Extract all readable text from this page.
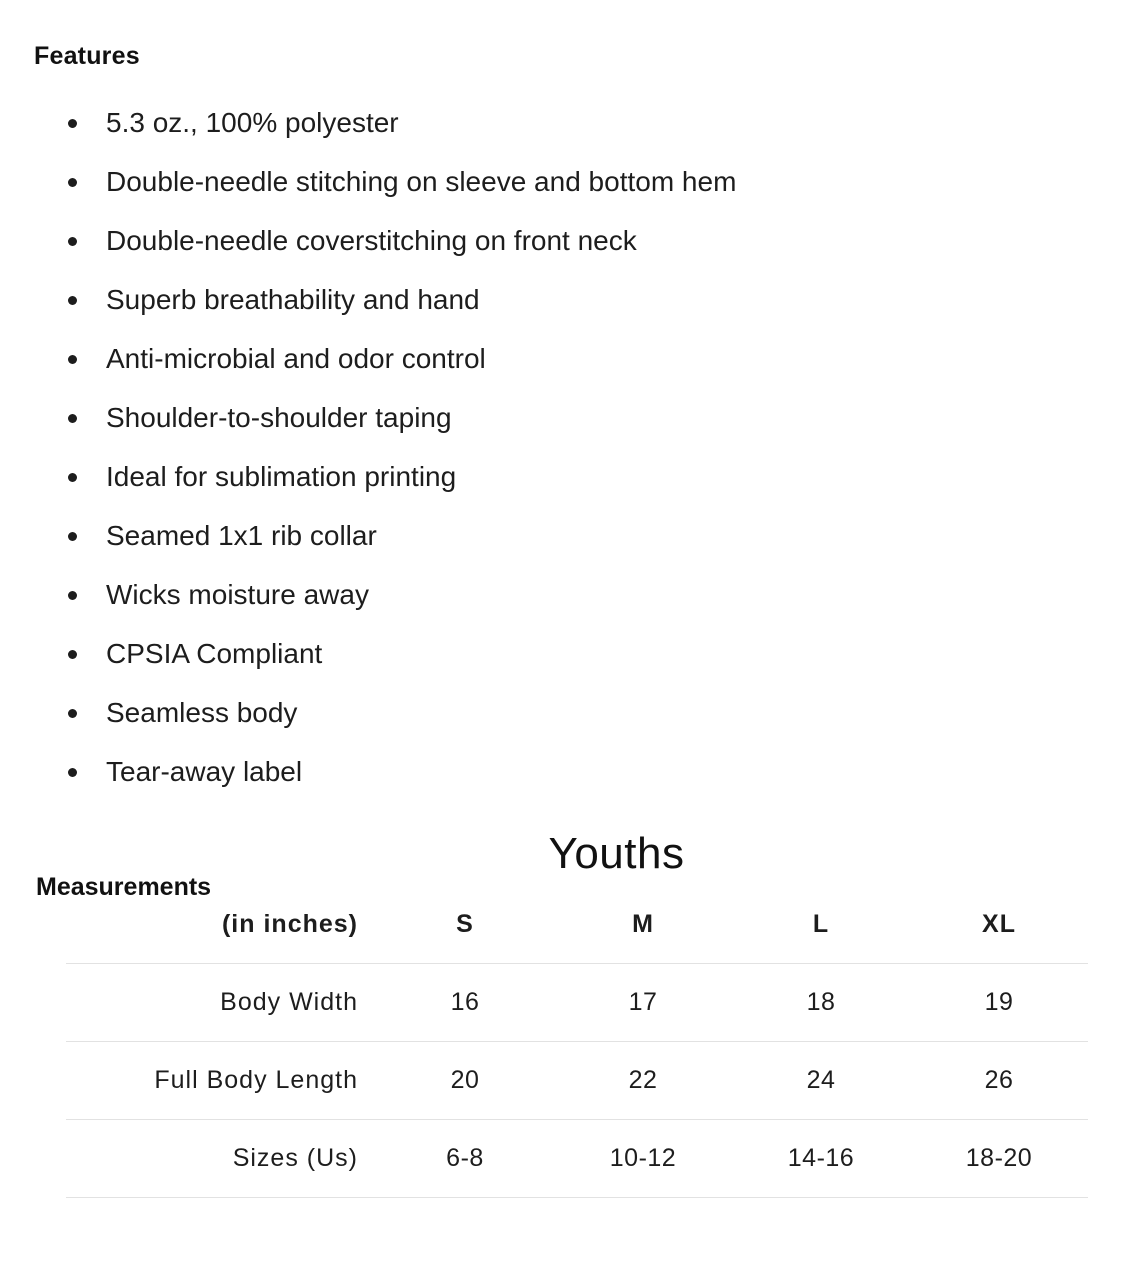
Features
5.3 oz., 100% polyester
Double-needle stitching on sleeve and bottom hem
Double-needle coverstitching on front neck
Superb breathability and hand
Anti-microbial and odor control
Shoulder-to-shoulder taping
Ideal for sublimation printing
Seamed 1x1 rib collar
Wicks moisture away
CPSIA Compliant
Seamless body
Tear-away label
Measurements
Youths
(in inches)	S	M	L	XL
Body Width	16	17	18	19
Full Body Length	20	22	24	26
Sizes (Us)	6-8	10-12	14-16	18-20
